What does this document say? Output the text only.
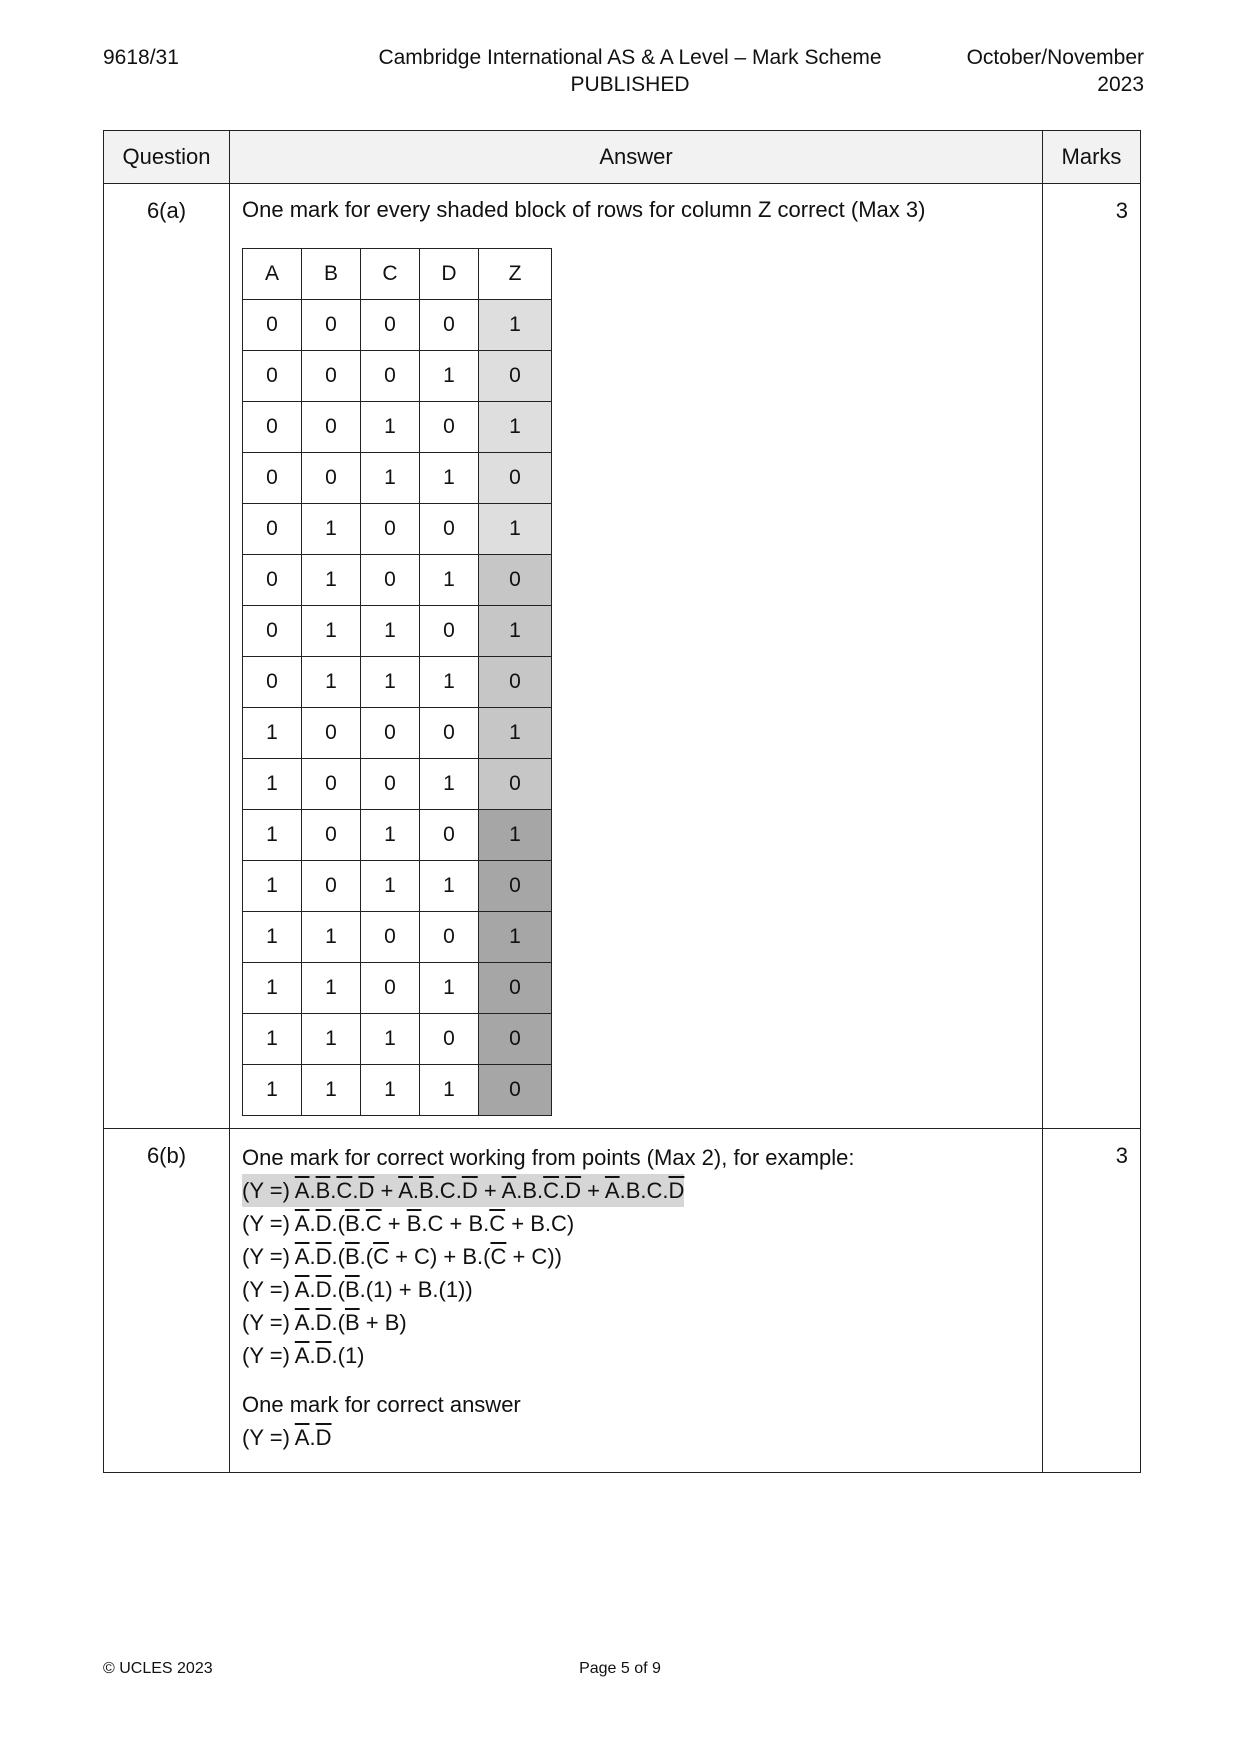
9618/31	Cambridge International AS & A Level – Mark Scheme
PUBLISHED
October/November
2023
Question	Answer	Marks
6(a)	One mark for every shaded block of rows for column Z correct (Max 3)
A	B	C	D	Z
0	0	0	0	1
0	0	0	1	0
0	0	1	0	1
0	0	1	1	0
0	1	0	0	1
0	1	0	1	0
0	1	1	0	1
0	1	1	1	0
1	0	0	0	1
1	0	0	1	0
1	0	1	0	1
1	0	1	1	0
1	1	0	0	1
1	1	0	1	0
1	1	1	0	0
1	1	1	1	0
	3
6(b)	One mark for correct working from points (Max 2), for example:
(Y =) $\overline{A}.\overline{B}.\overline{C}.\overline{D} + \overline{A}.\overline{B}.C.\overline{D} + \overline{A}.B.\overline{C}.\overline{D} + \overline{A}.B.C.\overline{D}$
(Y =) $\overline{A}.\overline{D}.(\overline{B}.\overline{C} + \overline{B}.C + B.\overline{C} + B.C)$
(Y =) $\overline{A}.\overline{D}.(\overline{B}.(\overline{C} + C) + B.(\overline{C} + C))$
(Y =) $\overline{A}.\overline{D}.(\overline{B}.(1) + B.(1))$
(Y =) $\overline{A}.\overline{D}.(\overline{B} + B)$
(Y =) $\overline{A}.\overline{D}.(1)$
One mark for correct answer
(Y =) $\overline{A}.\overline{D}$
	3
© UCLES 2023	Page 5 of 9
